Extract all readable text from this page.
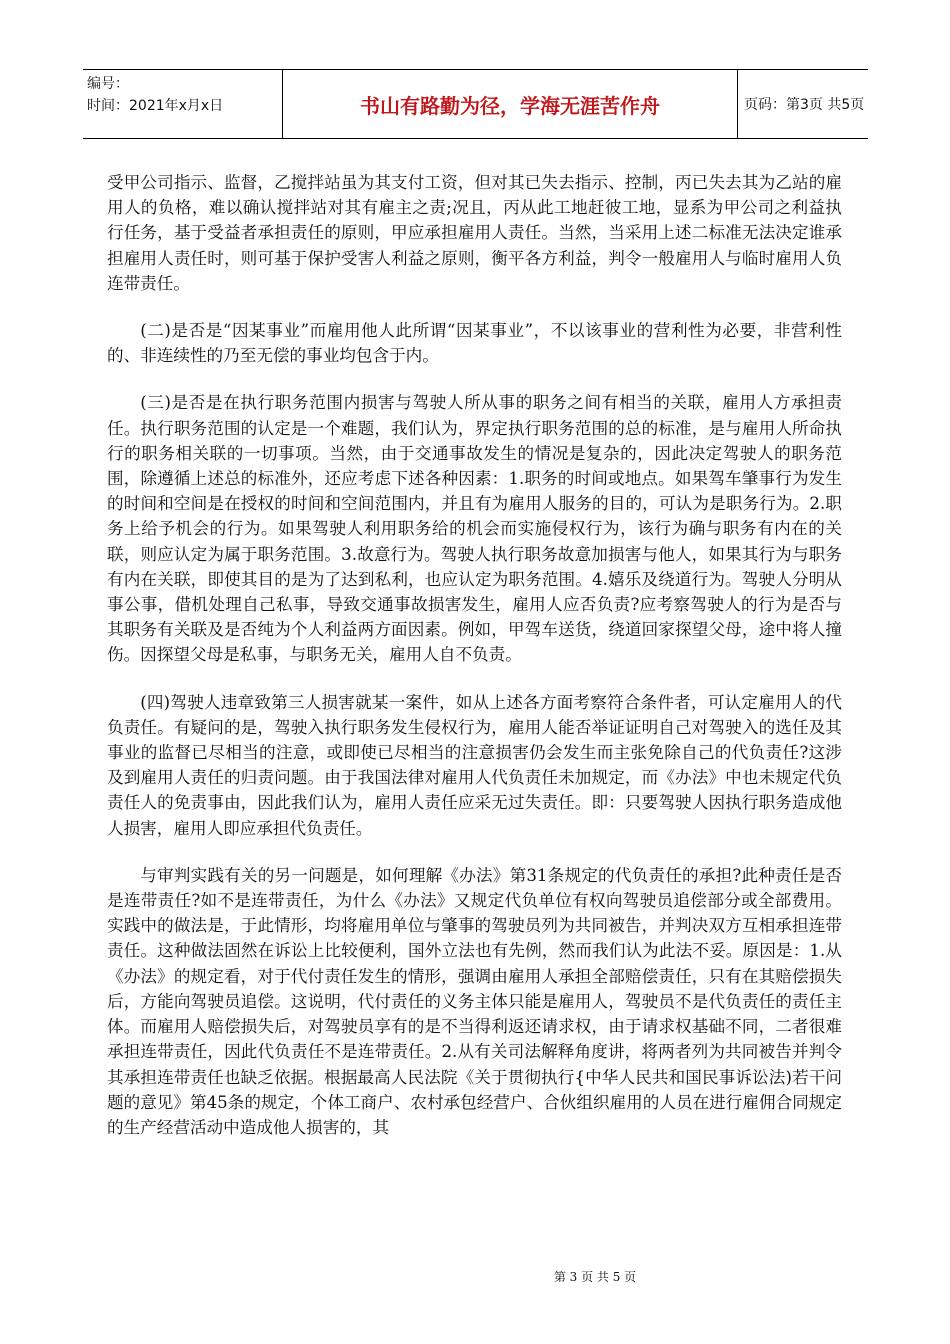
编号：
时间：2021年x月x日	书山有路勤为径，学海无涯苦作舟	页码：第3页 共5页

受甲公司指示、监督，乙搅拌站虽为其支付工资，但对其已失去指示、控制，丙已失去其为乙站的雇用人的负格，难以确认搅拌站对其有雇主之责;况且，丙从此工地赶彼工地，显系为甲公司之利益执行任务，基于受益者承担责任的原则，甲应承担雇用人责任。当然，当采用上述二标准无法决定谁承担雇用人责任时，则可基于保护受害人利益之原则，衡平各方利益，判令一般雇用人与临时雇用人负连带责任。

(二)是否是“因某事业”而雇用他人此所谓“因某事业”，不以该事业的营利性为必要，非营利性的、非连续性的乃至无偿的事业均包含于内。

(三)是否是在执行职务范围内损害与驾驶人所从事的职务之间有相当的关联，雇用人方承担责任。执行职务范围的认定是一个难题，我们认为，界定执行职务范围的总的标准，是与雇用人所命执行的职务相关联的一切事项。当然，由于交通事故发生的情况是复杂的，因此决定驾驶人的职务范围，除遵循上述总的标准外，还应考虑下述各种因素：1.职务的时间或地点。如果驾车肇事行为发生的时间和空间是在授权的时间和空间范围内，并且有为雇用人服务的目的，可认为是职务行为。2.职务上给予机会的行为。如果驾驶人利用职务给的机会而实施侵权行为，该行为确与职务有内在的关联，则应认定为属于职务范围。3.故意行为。驾驶人执行职务故意加损害与他人，如果其行为与职务有内在关联，即使其目的是为了达到私利，也应认定为职务范围。4.嬉乐及绕道行为。驾驶人分明从事公事，借机处理自己私事，导致交通事故损害发生，雇用人应否负责?应考察驾驶人的行为是否与其职务有关联及是否纯为个人利益两方面因素。例如，甲驾车送货，绕道回家探望父母，途中将人撞伤。因探望父母是私事，与职务无关，雇用人自不负责。

(四)驾驶人违章致第三人损害就某一案件，如从上述各方面考察符合条件者，可认定雇用人的代负责任。有疑问的是，驾驶入执行职务发生侵权行为，雇用人能否举证证明自己对驾驶入的选任及其事业的监督已尽相当的注意，或即使已尽相当的注意损害仍会发生而主张免除自己的代负责任?这涉及到雇用人责任的归责问题。由于我国法律对雇用人代负责任未加规定，而《办法》中也未规定代负责任人的免责事由，因此我们认为，雇用人责任应采无过失责任。即：只要驾驶人因执行职务造成他人损害，雇用人即应承担代负责任。

与审判实践有关的另一问题是，如何理解《办法》第31条规定的代负责任的承担?此种责任是否是连带责任?如不是连带责任，为什么《办法》又规定代负单位有权向驾驶员追偿部分或全部费用。实践中的做法是，于此情形，均将雇用单位与肇事的驾驶员列为共同被告，并判决双方互相承担连带责任。这种做法固然在诉讼上比较便利，国外立法也有先例，然而我们认为此法不妥。原因是：1.从《办法》的规定看，对于代付责任发生的情形，强调由雇用人承担全部赔偿责任，只有在其赔偿损失后，方能向驾驶员追偿。这说明，代付责任的义务主体只能是雇用人，驾驶员不是代负责任的责任主体。而雇用人赔偿损失后，对驾驶员享有的是不当得利返还请求权，由于请求权基础不同，二者很难承担连带责任，因此代负责任不是连带责任。2.从有关司法解释角度讲，将两者列为共同被告并判令其承担连带责任也缺乏依据。根据最高人民法院《关于贯彻执行{中华人民共和国民事诉讼法)若干问题的意见》第45条的规定，个体工商户、农村承包经营户、合伙组织雇用的人员在进行雇佣合同规定的生产经营活动中造成他人损害的，其

第 3 页 共 5 页
